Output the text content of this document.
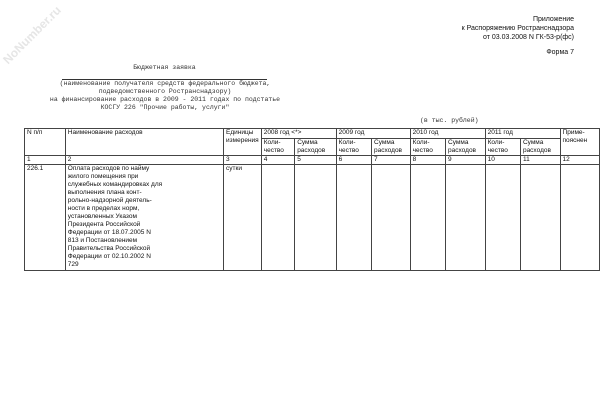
NoNumber.ru	Приложение
к Распоряжению Ространснадзора
от 03.03.2008 N ГК-53-р(фс)
Форма 7
Бюджетная заявка
(наименование получателя средств федерального бюджета,
подведомственного Ространснадзору)
на финансирование расходов в 2009 - 2011 годах по подстатье
КОСГУ 226 "Прочие работы, услуги"
(в тыс. рублей)
N п/п	Наименование расходов	Единицы измерения	2008 год <*>		2009 год		2010 год		2011 год		Приме-пояснен
			Коли-чество	Сумма расходов	Коли-чество	Сумма расходов	Коли-чество	Сумма расходов	Коли-чество	Сумма расходов	
1	2	3	4	5	6	7	8	9	10	11	12
226.1	Оплата расходов по найму жилого помещения при служебных командировках для выполнения плана конт-рольно-надзорной деятель-ности в пределах норм, установленных Указом Президента Российской Федерации от 18.07.2005 N 813 и Постановлением Правительства Российской Федерации от 02.10.2002 N 729	сутки									
